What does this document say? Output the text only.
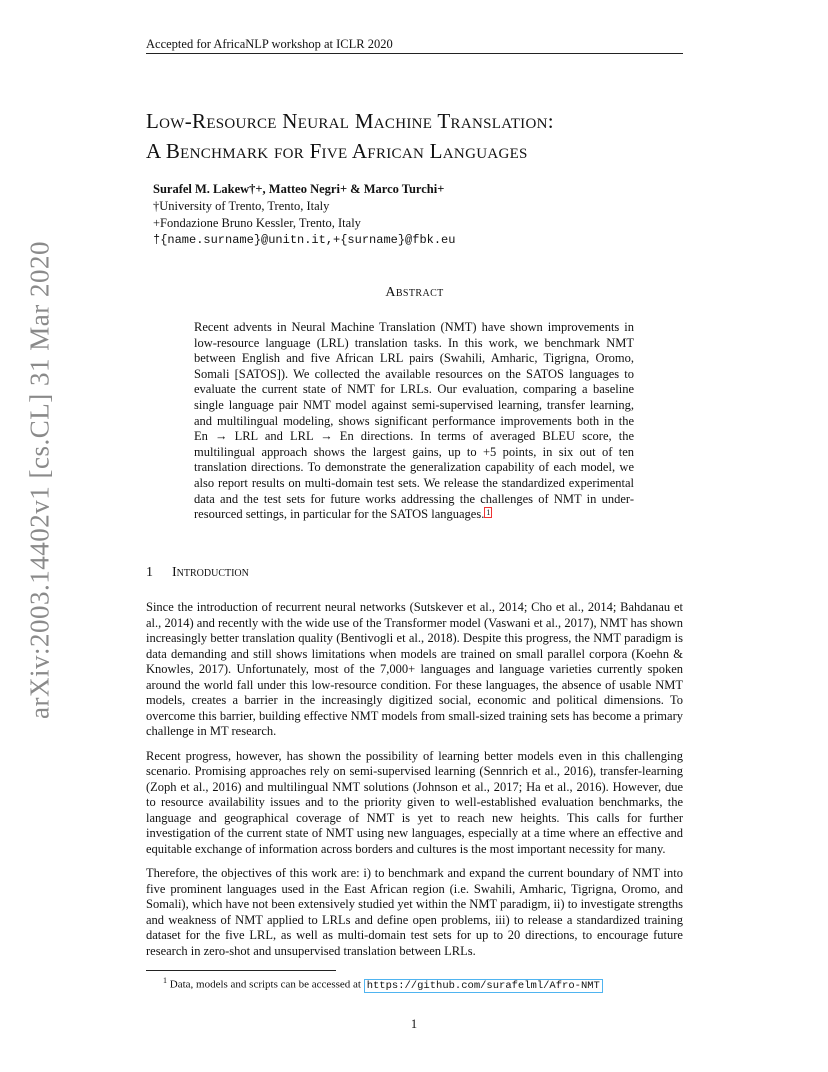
Accepted for AfricaNLP workshop at ICLR 2020
Low-Resource Neural Machine Translation:
A Benchmark for Five African Languages
Surafel M. Lakew†+, Matteo Negri+ & Marco Turchi+
†University of Trento, Trento, Italy
+Fondazione Bruno Kessler, Trento, Italy
†{name.surname}@unitn.it,+{surname}@fbk.eu
Abstract
Recent advents in Neural Machine Translation (NMT) have shown improvements in low-resource language (LRL) translation tasks. In this work, we benchmark NMT between English and five African LRL pairs (Swahili, Amharic, Tigrigna, Oromo, Somali [SATOS]). We collected the available resources on the SATOS languages to evaluate the current state of NMT for LRLs. Our evaluation, comparing a baseline single language pair NMT model against semi-supervised learning, transfer learning, and multilingual modeling, shows significant performance improvements both in the En → LRL and LRL → En directions. In terms of averaged BLEU score, the multilingual approach shows the largest gains, up to +5 points, in six out of ten translation directions. To demonstrate the generalization capability of each model, we also report results on multi-domain test sets. We release the standardized experimental data and the test sets for future works addressing the challenges of NMT in under-resourced settings, in particular for the SATOS languages. 1
1 Introduction

Since the introduction of recurrent neural networks (Sutskever et al., 2014; Cho et al., 2014; Bahdanau et al., 2014) and recently with the wide use of the Transformer model (Vaswani et al., 2017), NMT has shown increasingly better translation quality (Bentivogli et al., 2018). Despite this progress, the NMT paradigm is data demanding and still shows limitations when models are trained on small parallel corpora (Koehn & Knowles, 2017). Unfortunately, most of the 7,000+ languages and language varieties currently spoken around the world fall under this low-resource condition. For these languages, the absence of usable NMT models, creates a barrier in the increasingly digitized social, economic and political dimensions. To overcome this barrier, building effective NMT models from small-sized training sets has become a primary challenge in MT research.

Recent progress, however, has shown the possibility of learning better models even in this challenging scenario. Promising approaches rely on semi-supervised learning (Sennrich et al., 2016), transfer-learning (Zoph et al., 2016) and multilingual NMT solutions (Johnson et al., 2017; Ha et al., 2016). However, due to resource availability issues and to the priority given to well-established evaluation benchmarks, the language and geographical coverage of NMT is yet to reach new heights. This calls for further investigation of the current state of NMT using new languages, especially at a time where an effective and equitable exchange of information across borders and cultures is the most important necessity for many.

Therefore, the objectives of this work are: i) to benchmark and expand the current boundary of NMT into five prominent languages used in the East African region (i.e. Swahili, Amharic, Tigrigna, Oromo, and Somali), which have not been extensively studied yet within the NMT paradigm, ii) to investigate strengths and weakness of NMT applied to LRLs and define open problems, iii) to release a standardized training dataset for the five LRL, as well as multi-domain test sets for up to 20 directions, to encourage future research in zero-shot and unsupervised translation between LRLs.

$^1$ Data, models and scripts can be accessed at https://github.com/surafelml/Afro-NMT
1
arXiv:2003.14402v1 [cs.CL] 31 Mar 2020
